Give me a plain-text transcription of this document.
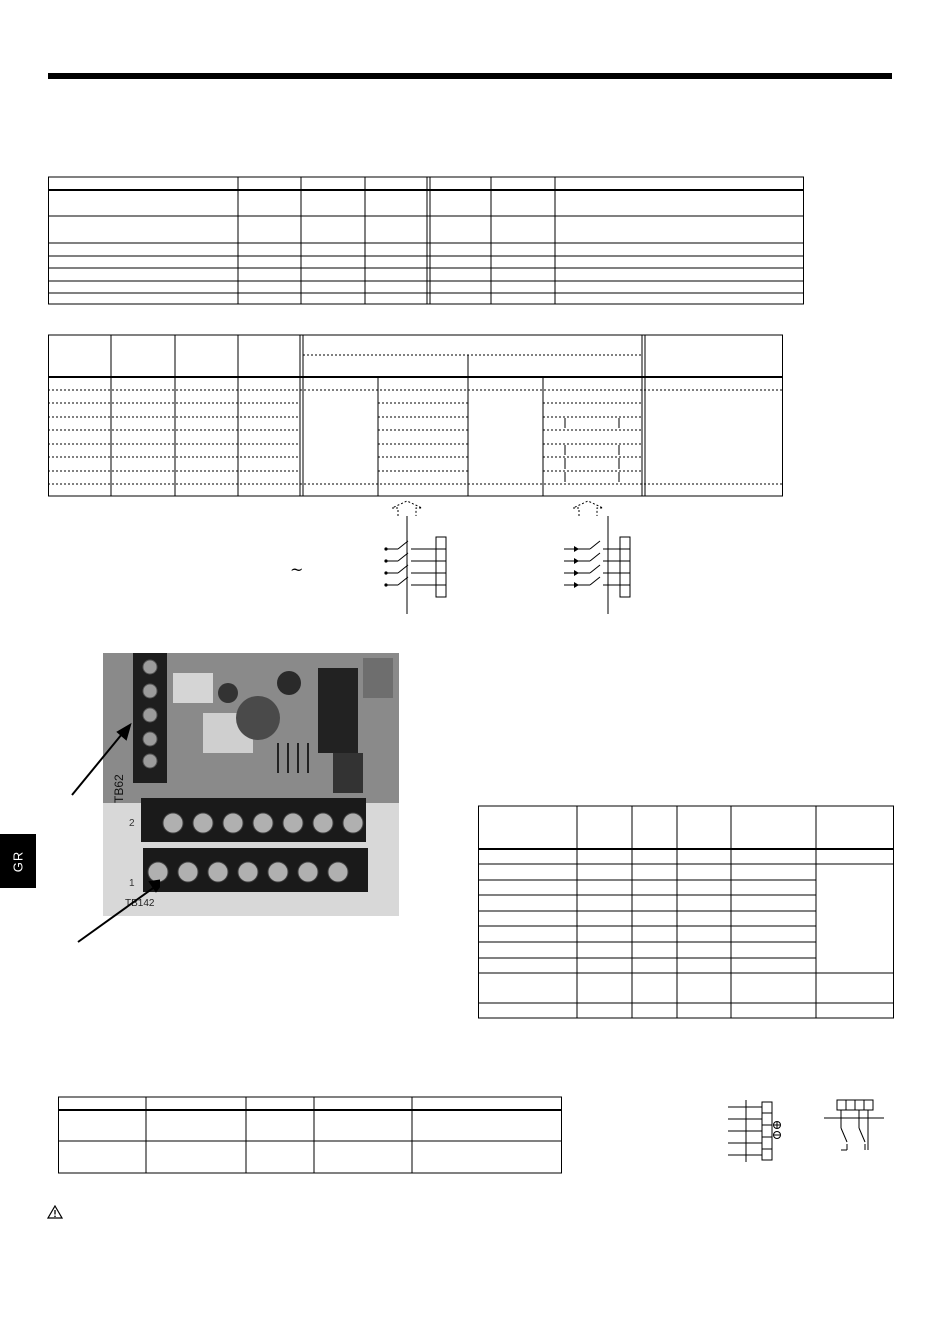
GR
~
TB62
2
1
TB142
